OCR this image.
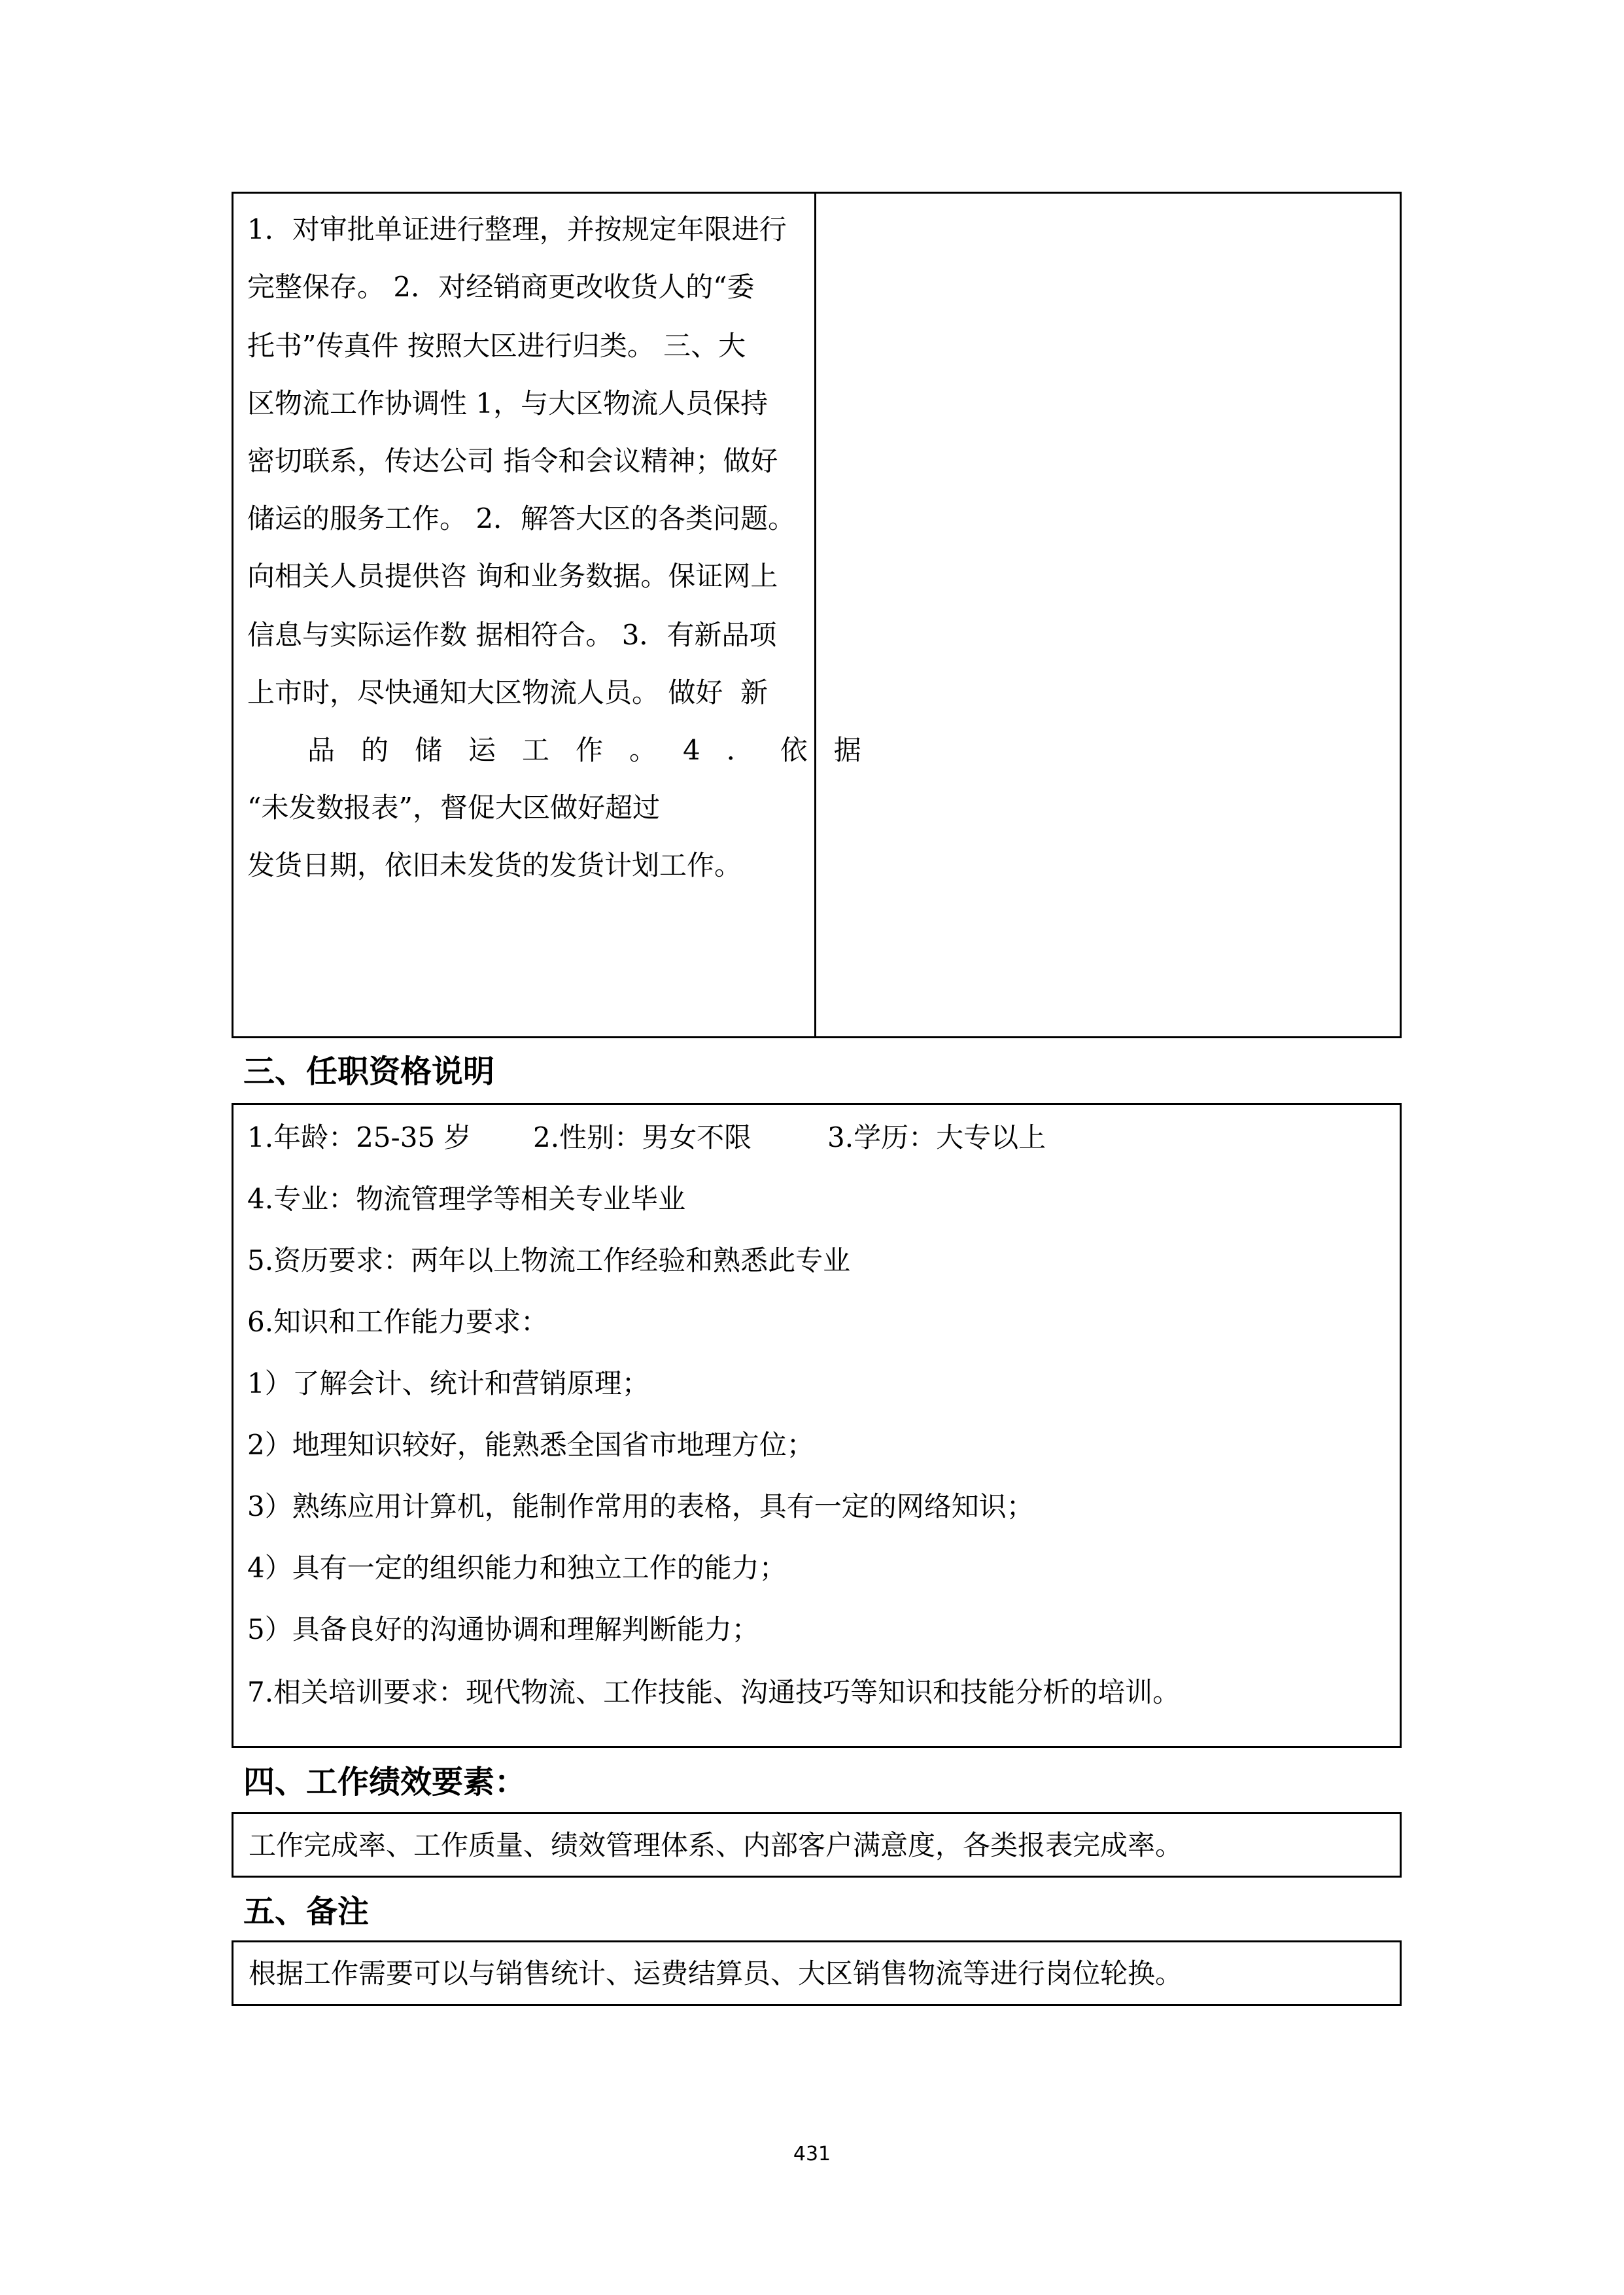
1．对审批单证进行整理，并按规定年限进行
完整保存。 2．对经销商更改收货人的“委
托书”传真件 按照大区进行归类。 三、大
区物流工作协调性 1，与大区物流人员保持
密切联系，传达公司 指令和会议精神；做好
储运的服务工作。 2．解答大区的各类问题。
向相关人员提供咨 询和业务数据。保证网上
信息与实际运作数 据相符合。 3．有新品项
上市时，尽快通知大区物流人员。 做好  新
品的储运工作。4．依据
“未发数报表”，督促大区做好超过
发货日期，依旧未发货的发货计划工作。
三、任职资格说明
1.年龄：25-35 岁 2.性别：男女不限	3.学历：大专以上
4.专业：物流管理学等相关专业毕业
5.资历要求：两年以上物流工作经验和熟悉此专业
6.知识和工作能力要求：
1）了解会计、统计和营销原理；
2）地理知识较好，能熟悉全国省市地理方位；
3）熟练应用计算机，能制作常用的表格，具有一定的网络知识；
4）具有一定的组织能力和独立工作的能力；
5）具备良好的沟通协调和理解判断能力；
7.相关培训要求：现代物流、工作技能、沟通技巧等知识和技能分析的培训。
四、工作绩效要素：
工作完成率、工作质量、绩效管理体系、内部客户满意度，各类报表完成率。
五、备注
根据工作需要可以与销售统计、运费结算员、大区销售物流等进行岗位轮换。
431
